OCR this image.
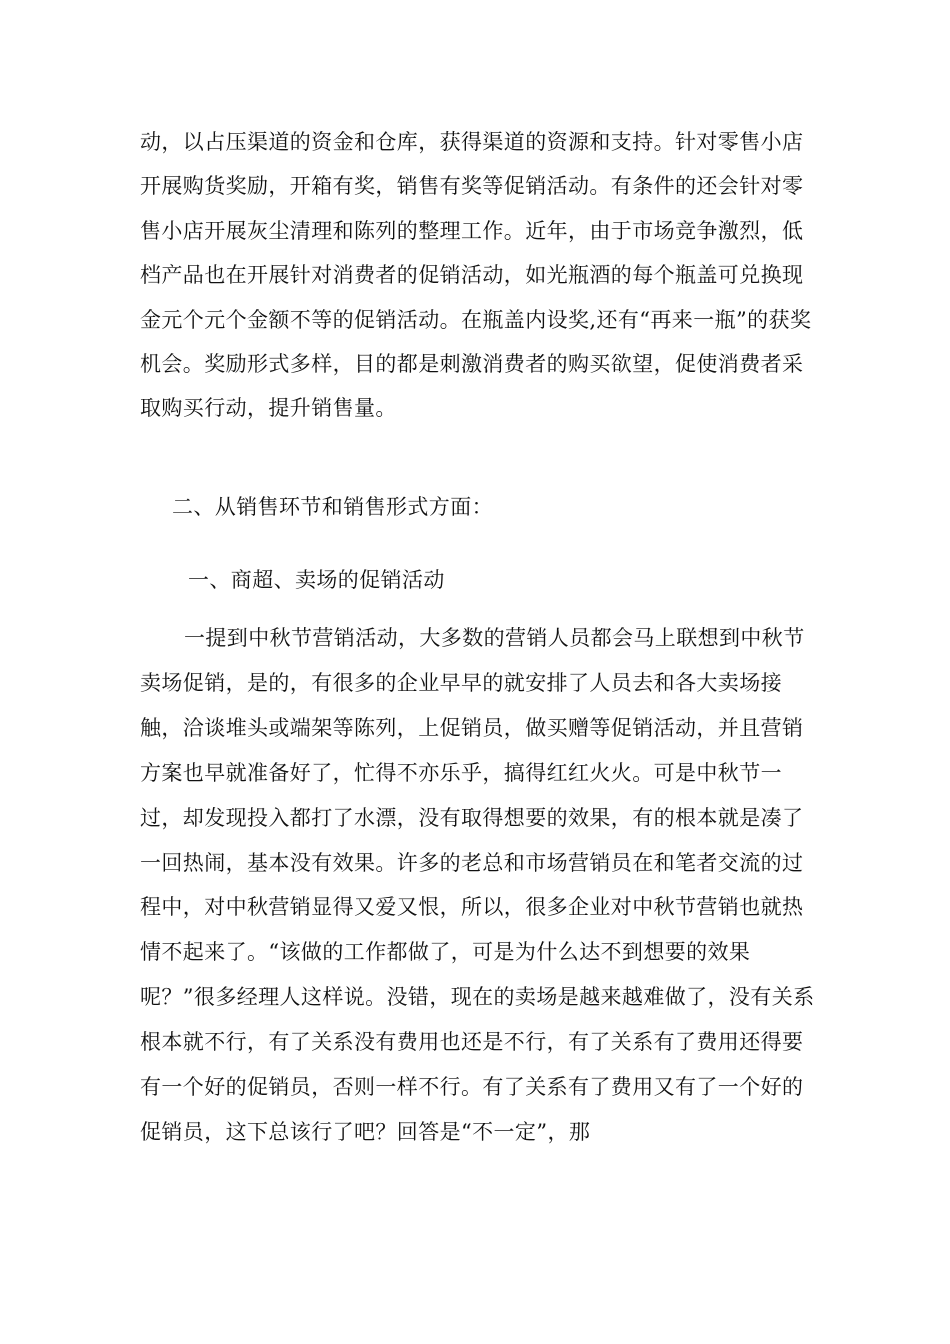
动，以占压渠道的资金和仓库，获得渠道的资源和支持。针对零售小店开展购货奖励，开箱有奖，销售有奖等促销活动。有条件的还会针对零售小店开展灰尘清理和陈列的整理工作。近年，由于市场竞争激烈，低档产品也在开展针对消费者的促销活动，如光瓶酒的每个瓶盖可兑换现金元个元个金额不等的促销活动。在瓶盖内设奖,还有“再来一瓶”的获奖机会。奖励形式多样，目的都是刺激消费者的购买欲望，促使消费者采取购买行动，提升销售量。

二、从销售环节和销售形式方面：

一、商超、卖场的促销活动

一提到中秋节营销活动，大多数的营销人员都会马上联想到中秋节卖场促销，是的，有很多的企业早早的就安排了人员去和各大卖场接触，洽谈堆头或端架等陈列，上促销员，做买赠等促销活动，并且营销方案也早就准备好了，忙得不亦乐乎，搞得红红火火。可是中秋节一过，却发现投入都打了水漂，没有取得想要的效果，有的根本就是凑了一回热闹，基本没有效果。许多的老总和市场营销员在和笔者交流的过程中，对中秋营销显得又爱又恨，所以，很多企业对中秋节营销也就热情不起来了。“该做的工作都做了，可是为什么达不到想要的效果呢？”很多经理人这样说。没错，现在的卖场是越来越难做了，没有关系根本就不行，有了关系没有费用也还是不行，有了关系有了费用还得要有一个好的促销员，否则一样不行。有了关系有了费用又有了一个好的促销员，这下总该行了吧？回答是“不一定”，那
